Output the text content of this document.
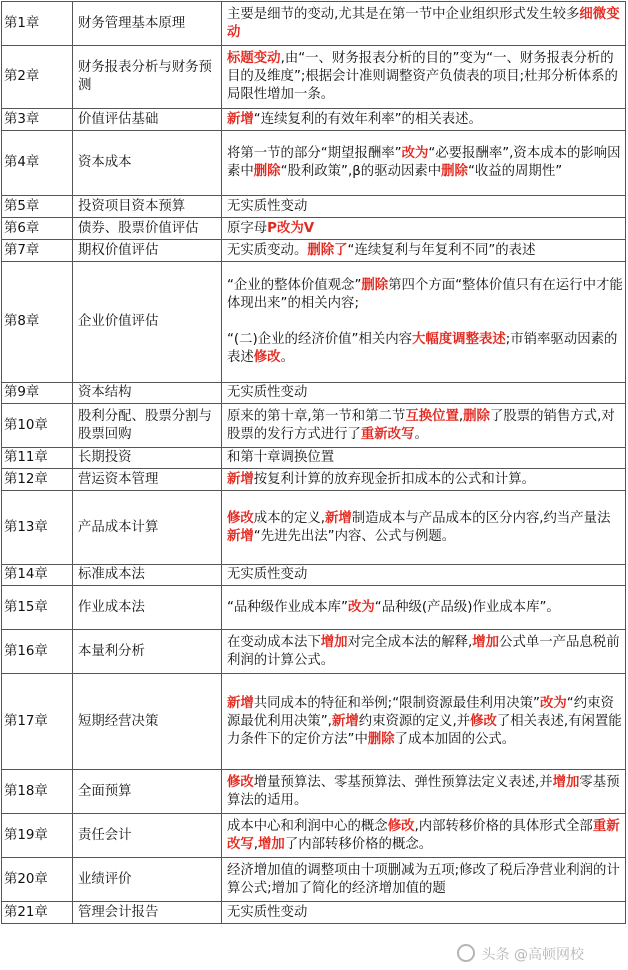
第1章	财务管理基本原理	主要是细节的变动,尤其是在第一节中企业组织形式发生较多细微变动
第2章	财务报表分析与财务预测	标题变动,由“一、财务报表分析的目的”变为“一、财务报表分析的目的及维度”;根据会计准则调整资产负债表的项目;杜邦分析体系的局限性增加一条。
第3章	价值评估基础	新增“连续复利的有效年利率”的相关表述。
第4章	资本成本	将第一节的部分“期望报酬率”改为“必要报酬率”,资本成本的影响因素中删除“股利政策”,β的驱动因素中删除“收益的周期性”
第5章	投资项目资本预算	无实质性变动
第6章	债券、股票价值评估	原字母P改为V
第7章	期权价值评估	无实质变动。删除了“连续复利与年复利不同”的表述
第8章	企业价值评估	“企业的整体价值观念”删除第四个方面“整体价值只有在运行中才能体现出来”的相关内容;

“(二)企业的经济价值”相关内容大幅度调整表述;市销率驱动因素的表述修改。
第9章	资本结构	无实质性变动
第10章	股利分配、股票分割与股票回购	原来的第十章,第一节和第二节互换位置,删除了股票的销售方式,对股票的发行方式进行了重新改写。
第11章	长期投资	和第十章调换位置
第12章	营运资本管理	新增按复利计算的放弃现金折扣成本的公式和计算。
第13章	产品成本计算	修改成本的定义,新增制造成本与产品成本的区分内容,约当产量法新增“先进先出法”内容、公式与例题。
第14章	标准成本法	无实质性变动
第15章	作业成本法	“品种级作业成本库”改为“品种级(产品级)作业成本库”。
第16章	本量利分析	在变动成本法下增加对完全成本法的解释,增加公式单一产品息税前利润的计算公式。
第17章	短期经营决策	新增共同成本的特征和举例;“限制资源最佳利用决策”改为“约束资源最优利用决策”,新增约束资源的定义,并修改了相关表述,有闲置能力条件下的定价方法”中删除了成本加固的公式。
第18章	全面预算	修改增量预算法、零基预算法、弹性预算法定义表述,并增加零基预算法的适用。
第19章	责任会计	成本中心和利润中心的概念修改,内部转移价格的具体形式全部重新改写,增加了内部转移价格的概念。
第20章	业绩评价	经济增加值的调整项由十项删减为五项;修改了税后净营业利润的计算公式;增加了简化的经济增加值的题
第21章	管理会计报告	无实质性变动
头条 @高顿网校
